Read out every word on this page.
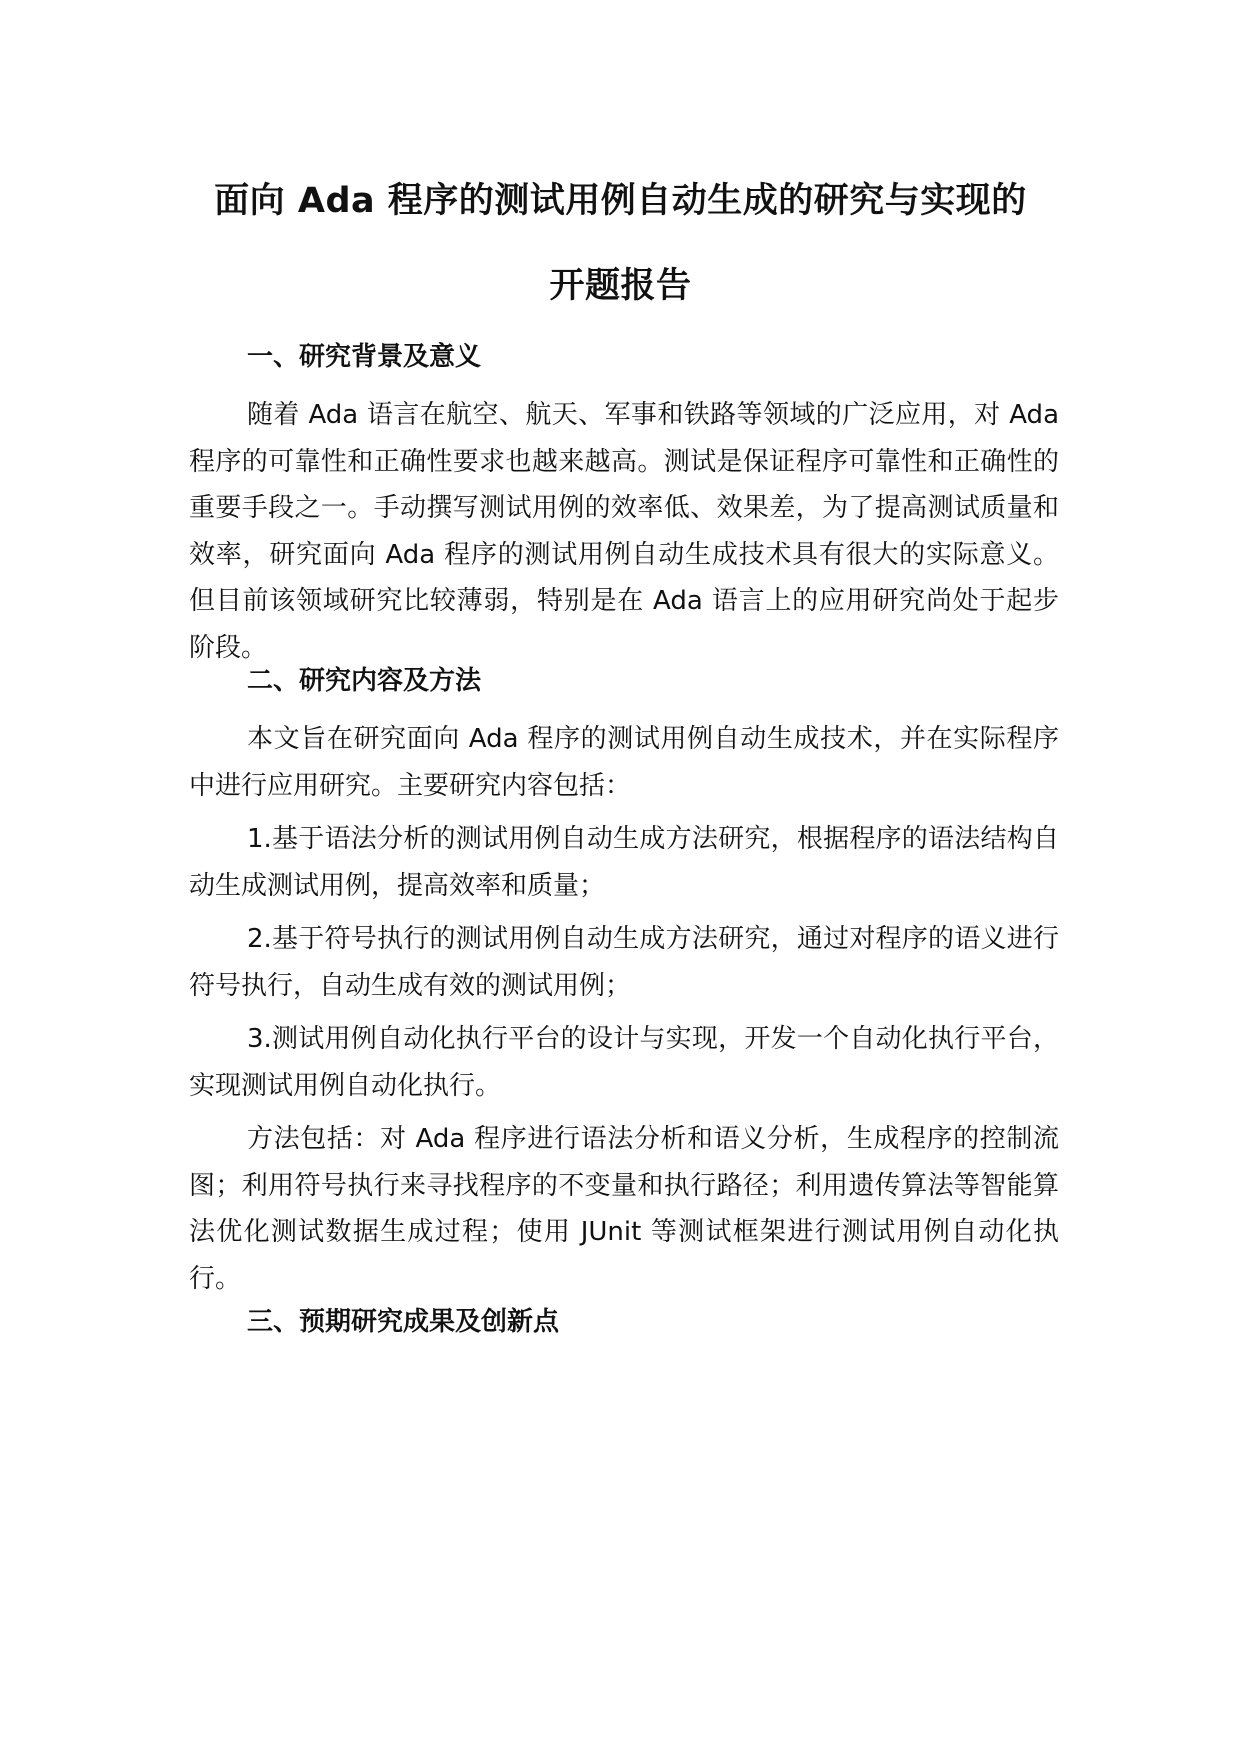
面向 Ada 程序的测试用例自动生成的研究与实现的
开题报告
一、研究背景及意义

随着 Ada 语言在航空、航天、军事和铁路等领域的广泛应用，对 Ada 程序的可靠性和正确性要求也越来越高。测试是保证程序可靠性和正确性的重要手段之一。手动撰写测试用例的效率低、效果差，为了提高测试质量和效率，研究面向 Ada 程序的测试用例自动生成技术具有很大的实际意义。但目前该领域研究比较薄弱，特别是在 Ada 语言上的应用研究尚处于起步阶段。

二、研究内容及方法

本文旨在研究面向 Ada 程序的测试用例自动生成技术，并在实际程序中进行应用研究。主要研究内容包括：

1.基于语法分析的测试用例自动生成方法研究，根据程序的语法结构自动生成测试用例，提高效率和质量；

2.基于符号执行的测试用例自动生成方法研究，通过对程序的语义进行符号执行，自动生成有效的测试用例；

3.测试用例自动化执行平台的设计与实现，开发一个自动化执行平台，实现测试用例自动化执行。

方法包括：对 Ada 程序进行语法分析和语义分析，生成程序的控制流图；利用符号执行来寻找程序的不变量和执行路径；利用遗传算法等智能算法优化测试数据生成过程；使用 JUnit 等测试框架进行测试用例自动化执行。

三、预期研究成果及创新点
